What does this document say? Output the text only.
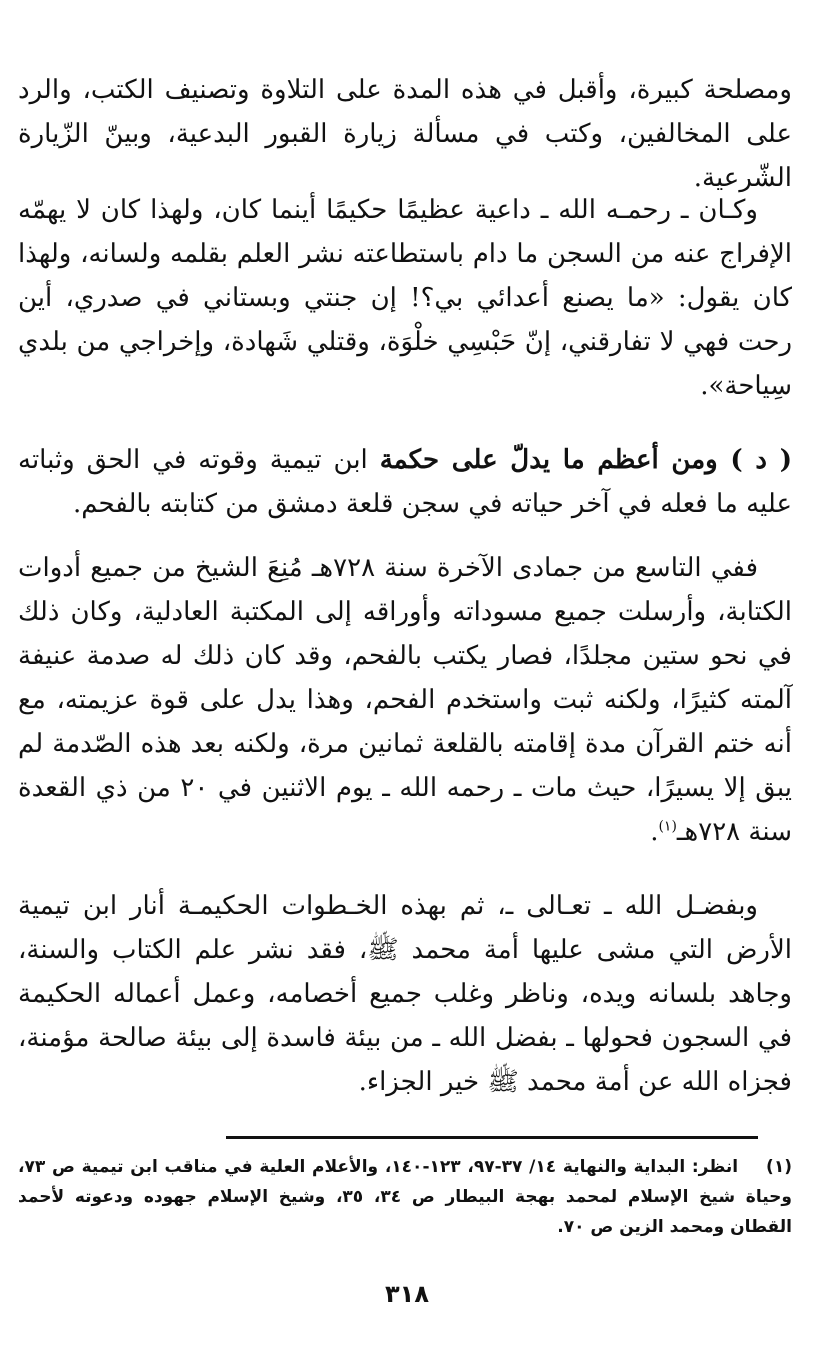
ومصلحة كبيرة، وأقبل في هذه المدة على التلاوة وتصنيف الكتب، والرد على المخالفين، وكتب في مسألة زيارة القبور البدعية، وبينّ الزّيارة الشّرعية.

وكـان ـ رحمـه الله ـ داعية عظيمًا حكيمًا أينما كان، ولهذا كان لا يهمّه الإفراج عنه من السجن ما دام باستطاعته نشر العلم بقلمه ولسانه، ولهذا كان يقول: «ما يصنع أعدائي بي؟! إن جنتي وبستاني في صدري، أين رحت فهي لا تفارقني، إنّ حَبْسِي خلْوَة، وقتلي شَهادة، وإخراجي من بلدي سِياحة».

( د ) ومن أعظم ما يدلّ على حكمة ابن تيمية وقوته في الحق وثباته عليه ما فعله في آخر حياته في سجن قلعة دمشق من كتابته بالفحم.

ففي التاسع من جمادى الآخرة سنة ٧٢٨هـ مُنِعَ الشيخ من جميع أدوات الكتابة، وأرسلت جميع مسوداته وأوراقه إلى المكتبة العادلية، وكان ذلك في نحو ستين مجلدًا، فصار يكتب بالفحم، وقد كان ذلك له صدمة عنيفة آلمته كثيرًا، ولكنه ثبت واستخدم الفحم، وهذا يدل على قوة عزيمته، مع أنه ختم القرآن مدة إقامته بالقلعة ثمانين مرة، ولكنه بعد هذه الصّدمة لم يبق إلا يسيرًا، حيث مات ـ رحمه الله ـ يوم الاثنين في ٢٠ من ذي القعدة سنة ٧٢٨هـ$^{(١)}$.

وبفضـل الله ـ تعـالى ـ، ثم بهذه الخـطوات الحكيمـة أنار ابن تيمية الأرض التي مشى عليها أمة محمد ﷺ، فقد نشر علم الكتاب والسنة، وجاهد بلسانه ويده، وناظر وغلب جميع أخصامه، وعمل أعماله الحكيمة في السجون فحولها ـ بفضل الله ـ من بيئة فاسدة إلى بيئة صالحة مؤمنة، فجزاه الله عن أمة محمد ﷺ خير الجزاء.

(١)انظر: البداية والنهاية ١٤/ ٣٧-٩٧، ١٢٣-١٤٠، والأعلام العلية في مناقب ابن تيمية ص ٧٣، وحياة شيخ الإسلام لمحمد بهجة البيطار ص ٣٤، ٣٥، وشيخ الإسلام جهوده ودعوته لأحمد القطان ومحمد الزين ص ٧٠.

٣١٨
